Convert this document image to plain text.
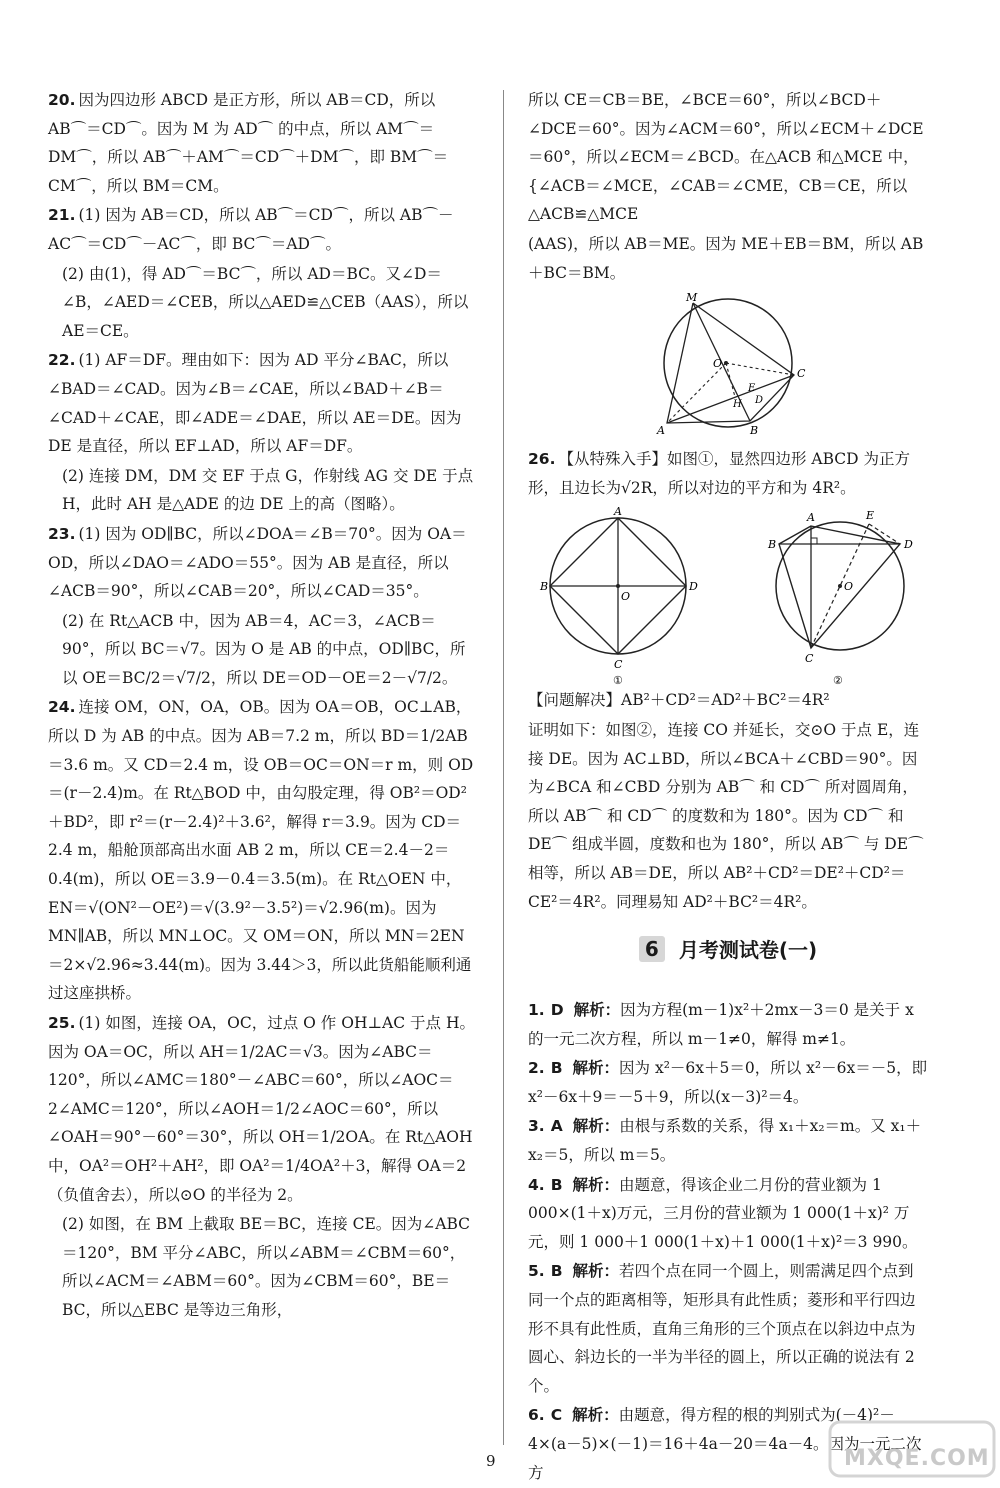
20. 因为四边形 ABCD 是正方形，所以 AB＝CD，所以 AB⌒＝CD⌒。因为 M 为 AD⌒ 的中点，所以 AM⌒＝DM⌒，所以 AB⌒＋AM⌒＝CD⌒＋DM⌒，即 BM⌒＝CM⌒，所以 BM＝CM。
21. (1) 因为 AB＝CD，所以 AB⌒＝CD⌒，所以 AB⌒－AC⌒＝CD⌒－AC⌒，即 BC⌒＝AD⌒。
(2) 由(1)，得 AD⌒＝BC⌒，所以 AD＝BC。又∠D＝∠B，∠AED＝∠CEB，所以△AED≌△CEB（AAS），所以 AE＝CE。
22. (1) AF＝DF。理由如下：因为 AD 平分∠BAC，所以∠BAD＝∠CAD。因为∠B＝∠CAE，所以∠BAD＋∠B＝∠CAD＋∠CAE，即∠ADE＝∠DAE，所以 AE＝DE。因为 DE 是直径，所以 EF⊥AD，所以 AF＝DF。
(2) 连接 DM，DM 交 EF 于点 G，作射线 AG 交 DE 于点 H，此时 AH 是△ADE 的边 DE 上的高（图略）。
23. (1) 因为 OD∥BC，所以∠DOA＝∠B＝70°。因为 OA＝OD，所以∠DAO＝∠ADO＝55°。因为 AB 是直径，所以∠ACB＝90°，所以∠CAB＝20°，所以∠CAD＝35°。
(2) 在 Rt△ACB 中，因为 AB＝4，AC＝3，∠ACB＝90°，所以 BC＝√7。因为 O 是 AB 的中点，OD∥BC，所以 OE＝BC/2＝√7/2，所以 DE＝OD－OE＝2－√7/2。
24. 连接 OM，ON，OA，OB。因为 OA＝OB，OC⊥AB，所以 D 为 AB 的中点。因为 AB＝7.2 m，所以 BD＝1/2AB＝3.6 m。又 CD＝2.4 m，设 OB＝OC＝ON＝r m，则 OD＝(r－2.4)m。在 Rt△BOD 中，由勾股定理，得 OB²＝OD²＋BD²，即 r²＝(r－2.4)²＋3.6²，解得 r＝3.9。因为 CD＝2.4 m，船舱顶部高出水面 AB 2 m，所以 CE＝2.4－2＝0.4(m)，所以 OE＝3.9－0.4＝3.5(m)。在 Rt△OEN 中，EN＝√(ON²－OE²)＝√(3.9²－3.5²)＝√2.96(m)。因为 MN∥AB，所以 MN⊥OC。又 OM＝ON，所以 MN＝2EN＝2×√2.96≈3.44(m)。因为 3.44＞3，所以此货船能顺利通过这座拱桥。
25. (1) 如图，连接 OA，OC，过点 O 作 OH⊥AC 于点 H。因为 OA＝OC，所以 AH＝1/2AC＝√3。因为∠ABC＝120°，所以∠AMC＝180°－∠ABC＝60°，所以∠AOC＝2∠AMC＝120°，所以∠AOH＝1/2∠AOC＝60°，所以∠OAH＝90°－60°＝30°，所以 OH＝1/2OA。在 Rt△AOH 中，OA²＝OH²＋AH²，即 OA²＝1/4OA²＋3，解得 OA＝2（负值舍去），所以⊙O 的半径为 2。
(2) 如图，在 BM 上截取 BE＝BC，连接 CE。因为∠ABC＝120°，BM 平分∠ABC，所以∠ABM＝∠CBM＝60°，所以∠ACM＝∠ABM＝60°。因为∠CBM＝60°，BE＝BC，所以△EBC 是等边三角形，
所以 CE＝CB＝BE，∠BCE＝60°，所以∠BCD＋∠DCE＝60°。因为∠ACM＝60°，所以∠ECM＋∠DCE＝60°，所以∠ECM＝∠BCD。在△ACB 和△MCE 中，{∠ACB＝∠MCE，∠CAB＝∠CME，CB＝CE，所以△ACB≌△MCE
(AAS)，所以 AB＝ME。因为 ME＋EB＝BM，所以 AB＋BC＝BM。
M
O
C
E
H D
A	B
26. 【从特殊入手】如图①，显然四边形 ABCD 为正方形，且边长为√2R，所以对边的平方和为 4R²。
A
B
C
D
O
①
A
B
C
D
E
O
②
【问题解决】AB²＋CD²＝AD²＋BC²＝4R²
证明如下：如图②，连接 CO 并延长，交⊙O 于点 E，连接 DE。因为 AC⊥BD，所以∠BCA＋∠CBD＝90°。因为∠BCA 和∠CBD 分别为 AB⌒ 和 CD⌒ 所对圆周角，所以 AB⌒ 和 CD⌒ 的度数和为 180°。因为 CD⌒ 和 DE⌒ 组成半圆，度数和也为 180°，所以 AB⌒ 与 DE⌒ 相等，所以 AB＝DE，所以 AB²＋CD²＝DE²＋CD²＝CE²＝4R²。同理易知 AD²＋BC²＝4R²。
6 月考测试卷(一)
1. D 解析：因为方程(m－1)x²＋2mx－3＝0 是关于 x 的一元二次方程，所以 m－1≠0，解得 m≠1。
2. B 解析：因为 x²－6x＋5＝0，所以 x²－6x＝－5，即 x²－6x＋9＝－5＋9，所以(x－3)²＝4。
3. A 解析：由根与系数的关系，得 x₁＋x₂＝m。又 x₁＋x₂＝5，所以 m＝5。
4. B 解析：由题意，得该企业二月份的营业额为 1 000×(1＋x)万元，三月份的营业额为 1 000(1＋x)² 万元，则 1 000＋1 000(1＋x)＋1 000(1＋x)²＝3 990。
5. B 解析：若四个点在同一个圆上，则需满足四个点到同一个点的距离相等，矩形具有此性质；菱形和平行四边形不具有此性质，直角三角形的三个顶点在以斜边中点为圆心、斜边长的一半为半径的圆上，所以正确的说法有 2 个。
6. C 解析：由题意，得方程的根的判别式为(－4)²－4×(a－5)×(－1)＝16＋4a－20＝4a－4。因为一元二次方
9	MXQE.COM
